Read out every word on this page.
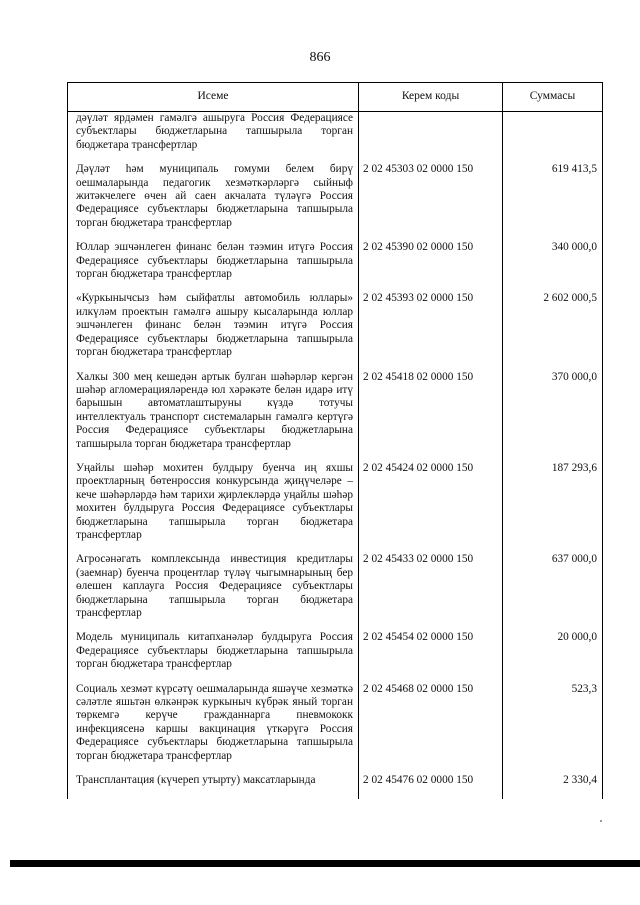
866
Исеме	Керем коды	Суммасы
дәүләт ярдәмен гамәлгә ашыруга Россия Федерациясе субъектлары бюджетларына тапшырыла торган бюджетара трансфертлар		
Дәүләт һәм муниципаль гомуми белем бирү оешмаларында педагогик хезмәткәрләргә сыйныф житәкчелеге өчен ай саен акчалата түләүгә Россия Федерациясе субъектлары бюджетларына тапшырыла торган бюджетара трансфертлар	2 02 45303 02 0000 150	619 413,5
Юллар эшчәнлеген финанс белән тәэмин итүгә Россия Федерациясе субъектлары бюджетларына тапшырыла торган бюджетара трансфертлар	2 02 45390 02 0000 150	340 000,0
«Куркынычсыз һәм сыйфатлы автомобиль юллары» илкүләм проектын гамәлгә ашыру кысаларында юллар эшчәнлеген финанс белән тәэмин итүгә Россия Федерациясе субъектлары бюджетларына тапшырыла торган бюджетара трансфертлар	2 02 45393 02 0000 150	2 602 000,5
Халкы 300 мең кешедән артык булган шәһәрләр кергән шәһәр агломерацияләрендә юл хәрәкәте белән идарә итү барышын автоматлаштыруны күздә тотучы интеллектуаль транспорт системаларын гамәлгә кертүгә Россия Федерациясе субъектлары бюджетларына тапшырыла торган бюджетара трансфертлар	2 02 45418 02 0000 150	370 000,0
Уңайлы шәһәр мохитен булдыру буенча иң яхшы проектларның бөтенроссия конкурсында җиңүчеләре – кече шәһәрләрдә һәм тарихи җирлекләрдә уңайлы шәһәр мохитен булдыруга Россия Федерациясе субъектлары бюджетларына тапшырыла торган бюджетара трансфертлар	2 02 45424 02 0000 150	187 293,6
Агросәнәгать комплексында инвестиция кредитлары (заемнар) буенча процентлар түләү чыгымнарының бер өлешен каплауга Россия Федерациясе субъектлары бюджетларына тапшырыла торган бюджетара трансфертлар	2 02 45433 02 0000 150	637 000,0
Модель муниципаль китапханәләр булдыруга Россия Федерациясе субъектлары бюджетларына тапшырыла торган бюджетара трансфертлар	2 02 45454 02 0000 150	20 000,0
Социаль хезмәт күрсәтү оешмаларында яшәүче хезмәткә сәләтле яшьтән өлкәнрәк куркыныч күбрәк яный торган төркемгә керүче гражданнарга пневмококк инфекциясенә каршы вакцинация үткәрүгә Россия Федерациясе субъектлары бюджетларына тапшырыла торган бюджетара трансфертлар	2 02 45468 02 0000 150	523,3
Трансплантация (күчереп утырту) максатларында	2 02 45476 02 0000 150	2 330,4
